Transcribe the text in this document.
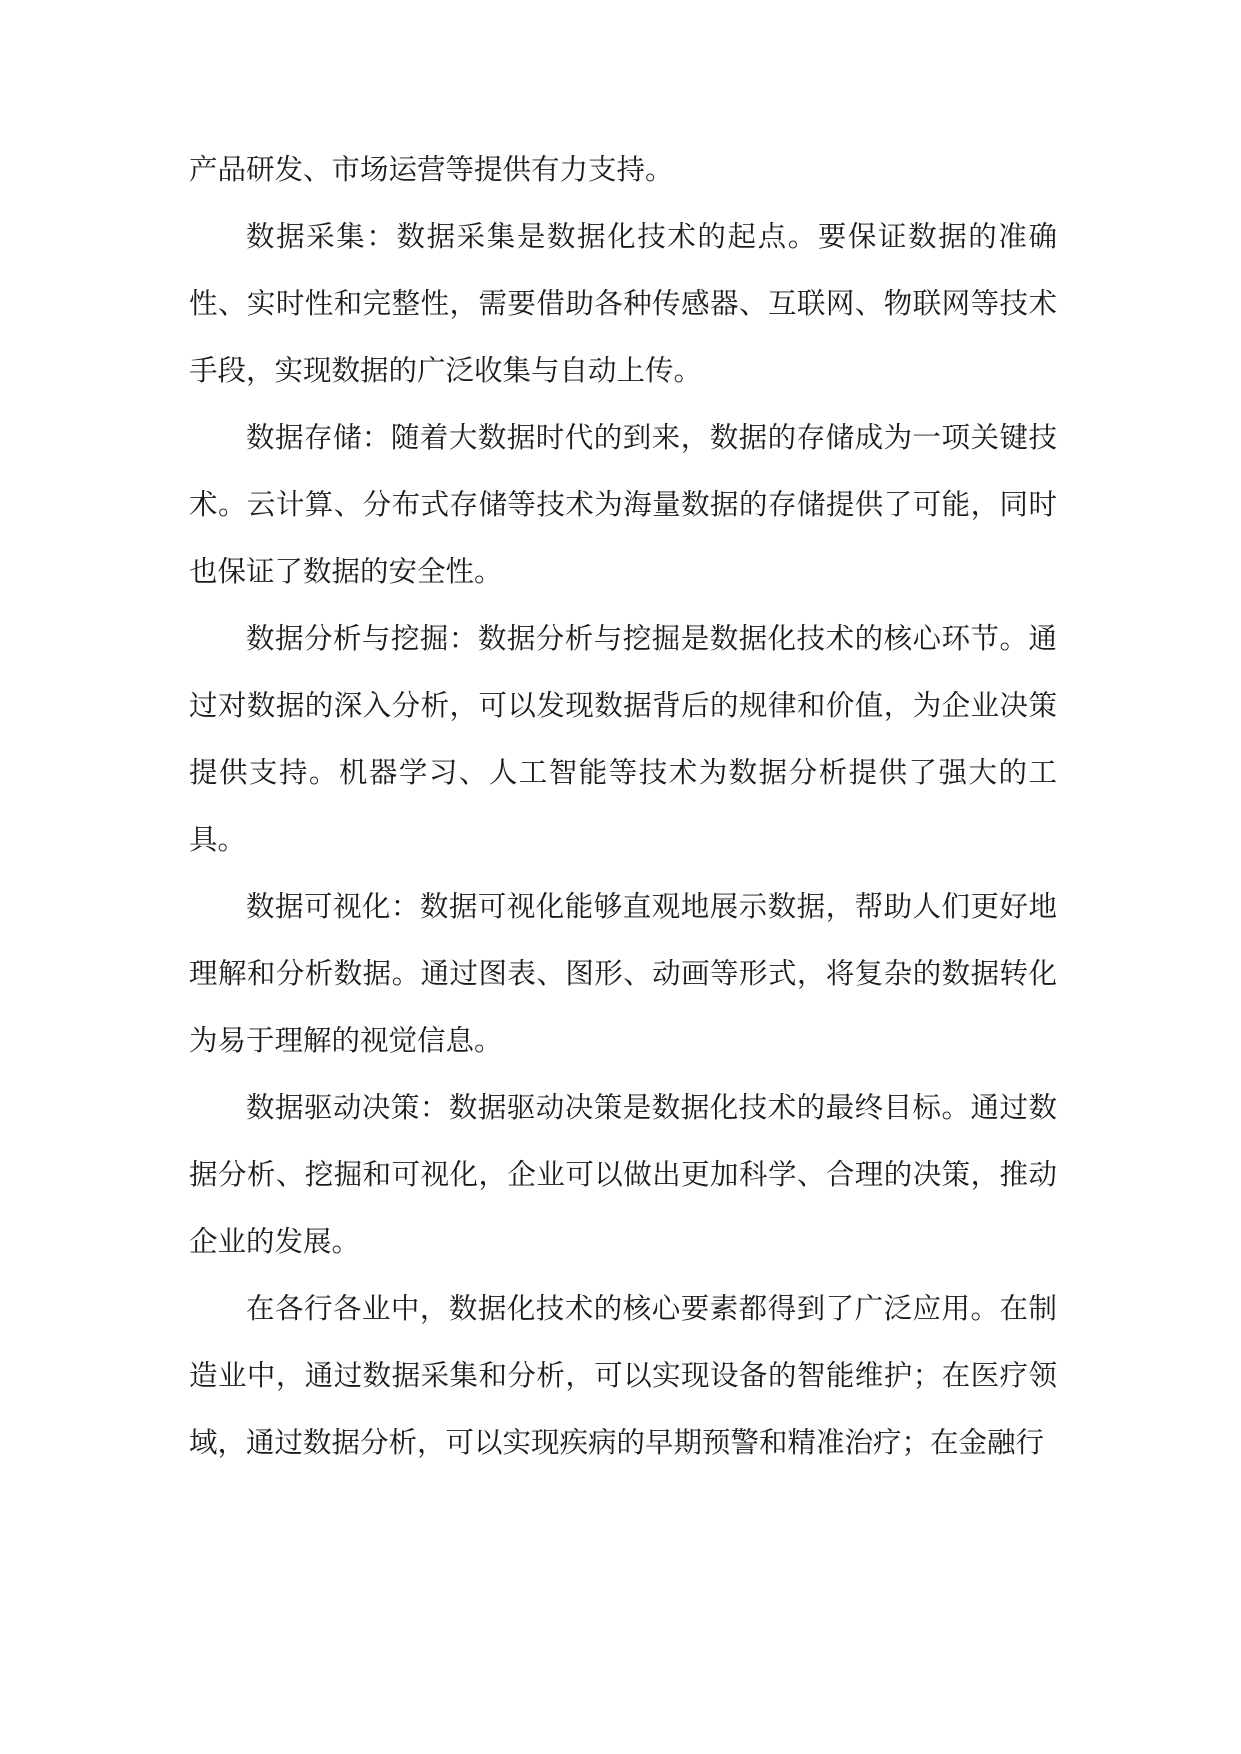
产品研发、市场运营等提供有力支持。

数据采集：数据采集是数据化技术的起点。要保证数据的准确性、实时性和完整性，需要借助各种传感器、互联网、物联网等技术手段，实现数据的广泛收集与自动上传。

数据存储：随着大数据时代的到来，数据的存储成为一项关键技术。云计算、分布式存储等技术为海量数据的存储提供了可能，同时也保证了数据的安全性。

数据分析与挖掘：数据分析与挖掘是数据化技术的核心环节。通过对数据的深入分析，可以发现数据背后的规律和价值，为企业决策提供支持。机器学习、人工智能等技术为数据分析提供了强大的工具。

数据可视化：数据可视化能够直观地展示数据，帮助人们更好地理解和分析数据。通过图表、图形、动画等形式，将复杂的数据转化为易于理解的视觉信息。

数据驱动决策：数据驱动决策是数据化技术的最终目标。通过数据分析、挖掘和可视化，企业可以做出更加科学、合理的决策，推动企业的发展。

在各行各业中，数据化技术的核心要素都得到了广泛应用。在制造业中，通过数据采集和分析，可以实现设备的智能维护；在医疗领域，通过数据分析，可以实现疾病的早期预警和精准治疗；在金融行
